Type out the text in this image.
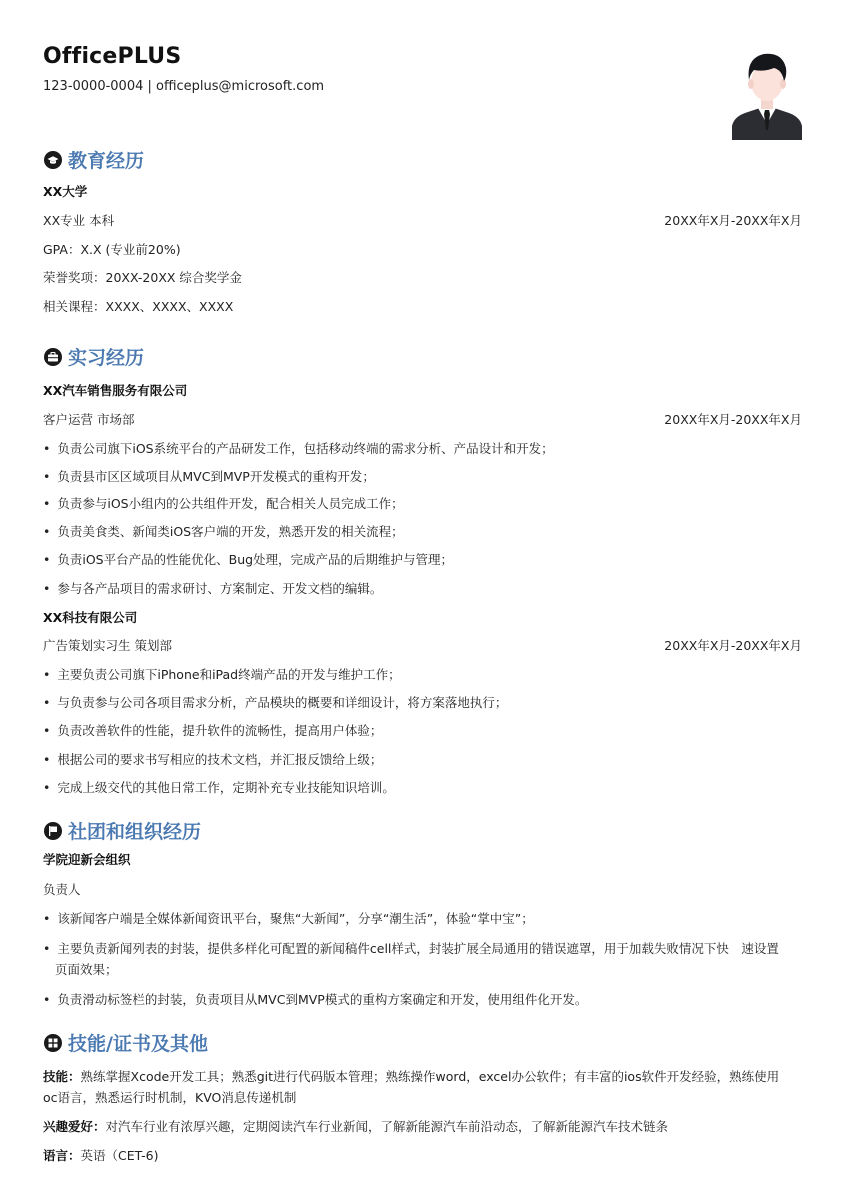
OfficePLUS
123-0000-0004 | officeplus@microsoft.com
教育经历
XX大学
XX专业 本科	20XX年X月-20XX年X月
GPA：X.X (专业前20%)
荣誉奖项：20XX-20XX 综合奖学金
相关课程：XXXX、XXXX、XXXX
实习经历
XX汽车销售服务有限公司
客户运营 市场部	20XX年X月-20XX年X月
• 负责公司旗下iOS系统平台的产品研发工作，包括移动终端的需求分析、产品设计和开发；
• 负责县市区区域项目从MVC到MVP开发模式的重构开发；
• 负责参与iOS小组内的公共组件开发，配合相关人员完成工作；
• 负责美食类、新闻类iOS客户端的开发，熟悉开发的相关流程；
• 负责iOS平台产品的性能优化、Bug处理，完成产品的后期维护与管理；
• 参与各产品项目的需求研讨、方案制定、开发文档的编辑。
XX科技有限公司
广告策划实习生 策划部	20XX年X月-20XX年X月
• 主要负责公司旗下iPhone和iPad终端产品的开发与维护工作；
• 与负责参与公司各项目需求分析，产品模块的概要和详细设计，将方案落地执行；
• 负责改善软件的性能，提升软件的流畅性，提高用户体验；
• 根据公司的要求书写相应的技术文档，并汇报反馈给上级；
• 完成上级交代的其他日常工作，定期补充专业技能知识培训。
社团和组织经历
学院迎新会组织
负责人
• 该新闻客户端是全媒体新闻资讯平台，聚焦“大新闻”，分享“潮生活”，体验“掌中宝”；
• 主要负责新闻列表的封装，提供多样化可配置的新闻稿件cell样式，封装扩展全局通用的错误遮罩，用于加载失败情况下快　速设置
页面效果；
• 负责滑动标签栏的封装，负责项目从MVC到MVP模式的重构方案确定和开发，使用组件化开发。
技能/证书及其他
技能：熟练掌握Xcode开发工具；熟悉git进行代码版本管理；熟练操作word，excel办公软件；有丰富的ios软件开发经验，熟练使用
oc语言，熟悉运行时机制，KVO消息传递机制
兴趣爱好：对汽车行业有浓厚兴趣，定期阅读汽车行业新闻，了解新能源汽车前沿动态，了解新能源汽车技术链条
语言：英语（CET-6)
